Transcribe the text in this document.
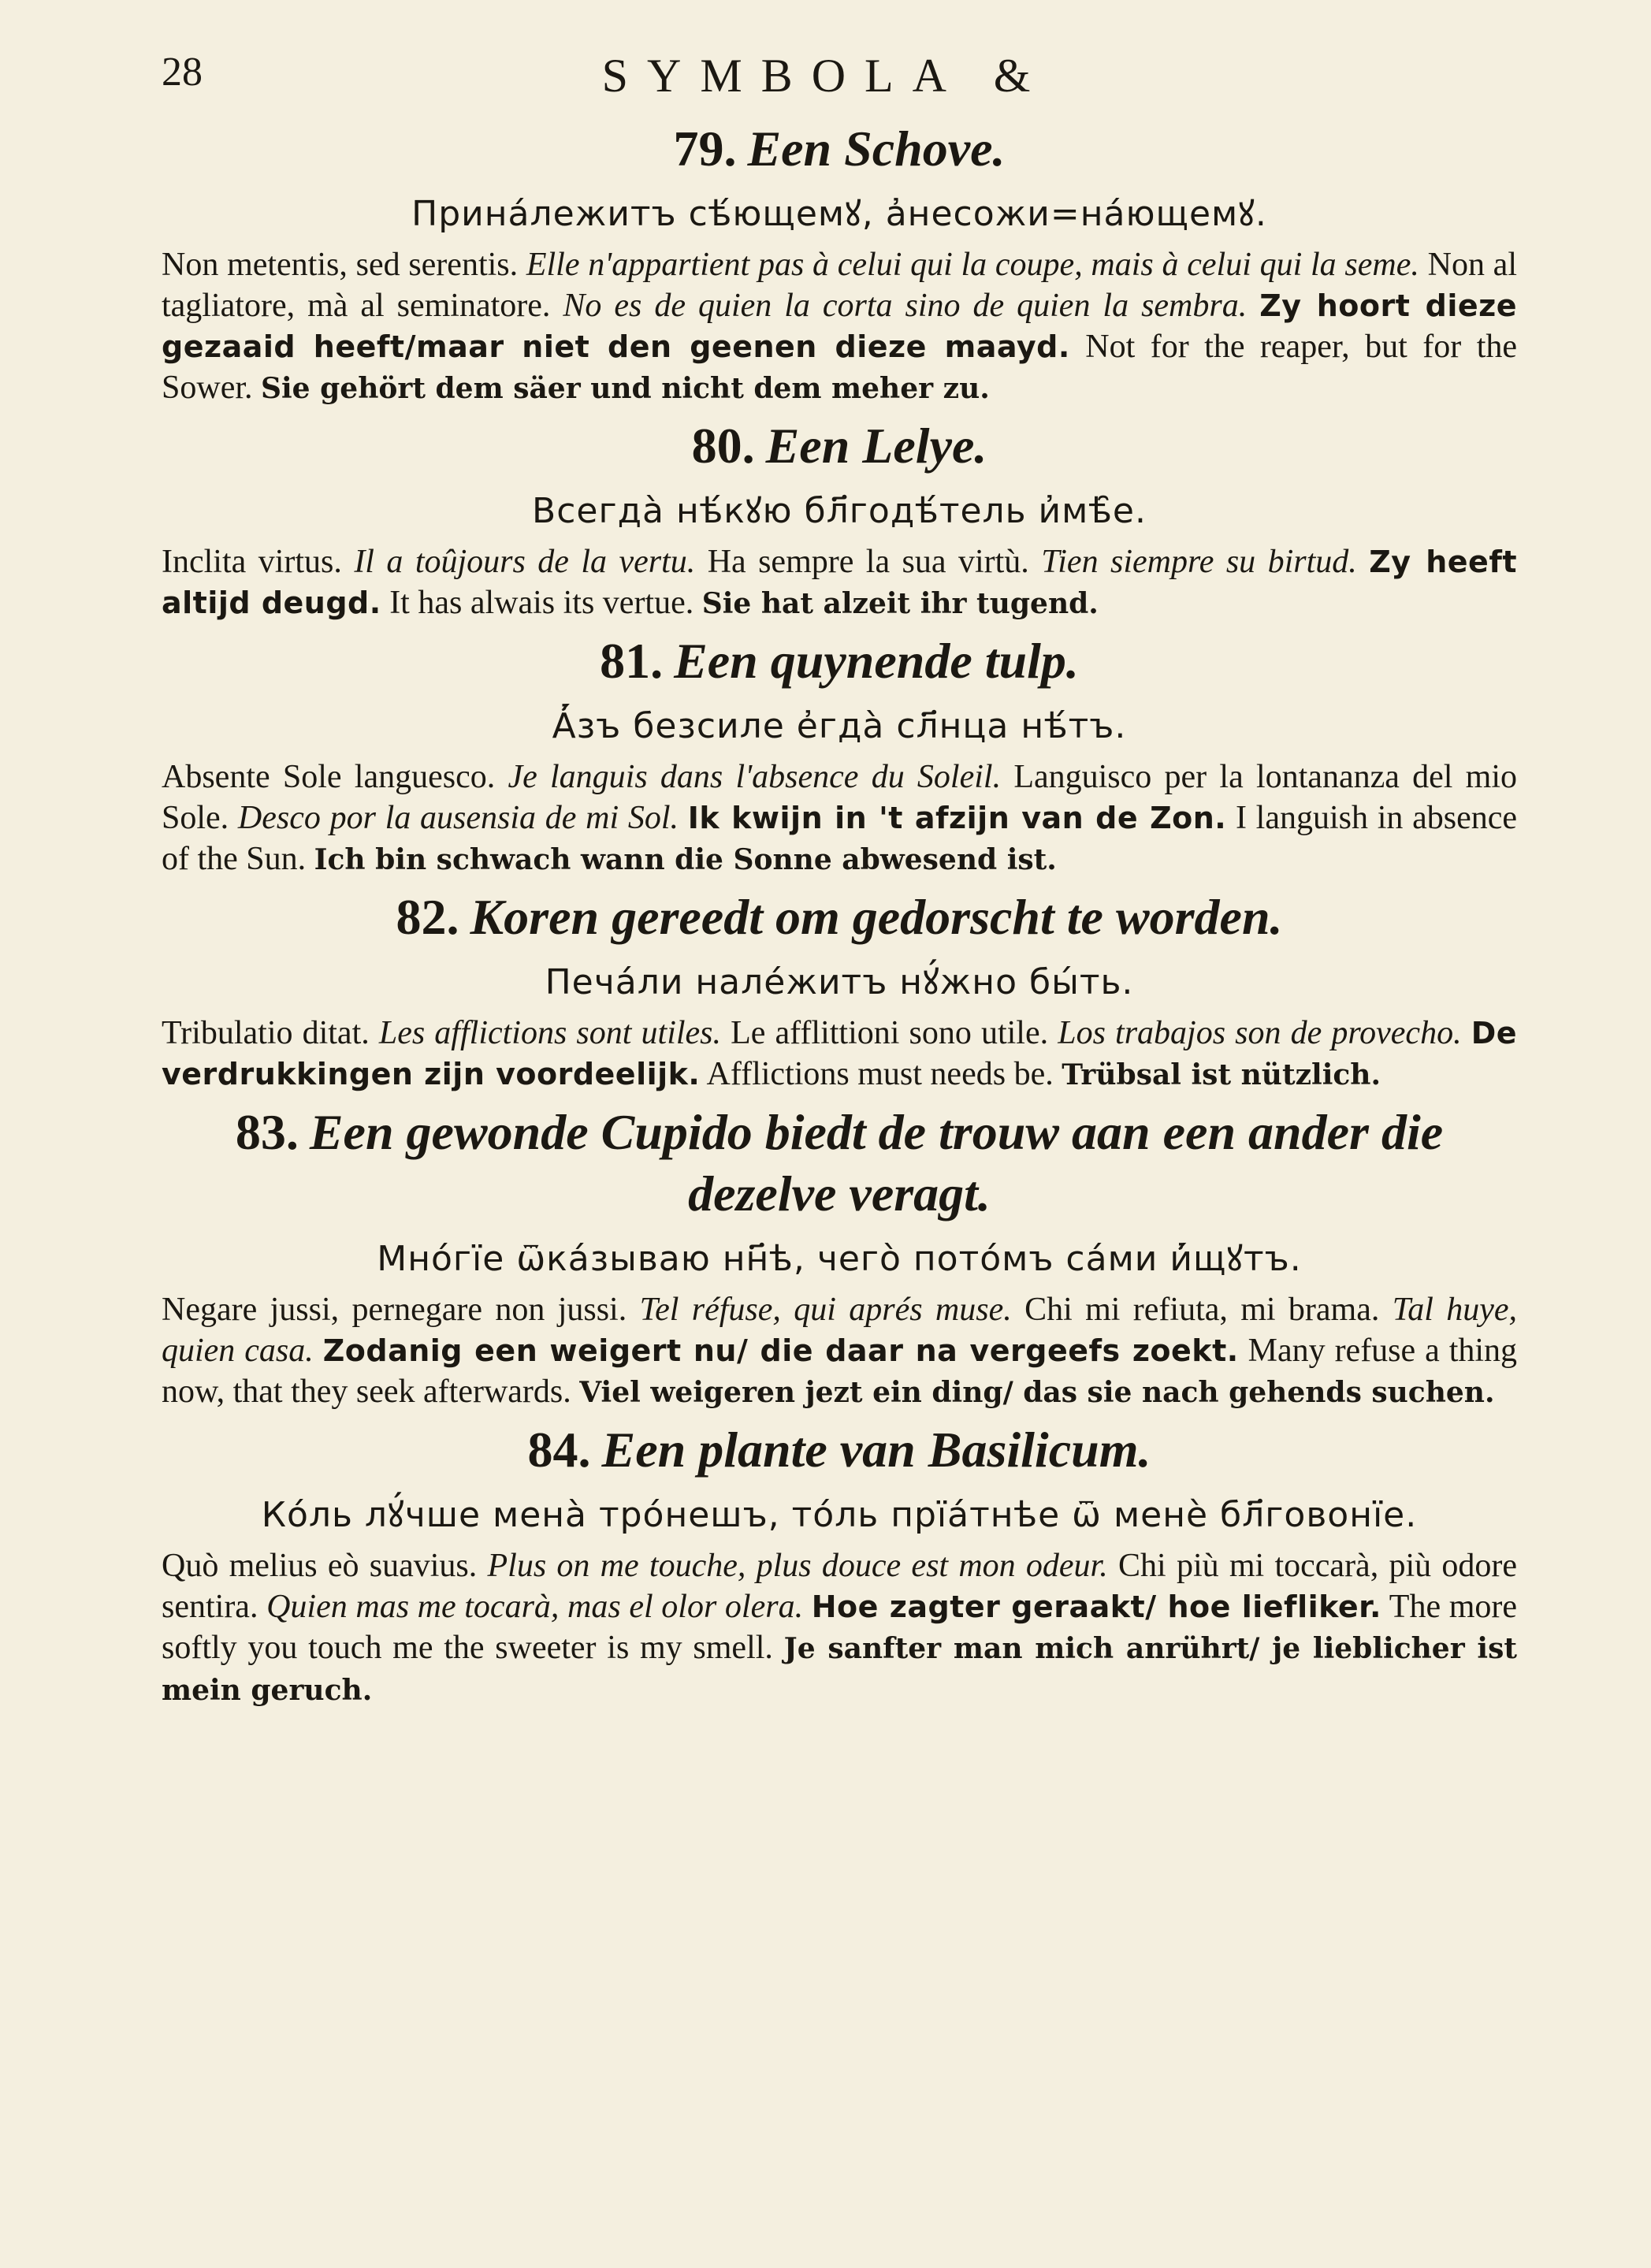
28	SYMBOLA &
79. Een Schove.

Прина́лежитъ сѣ́ющемꙋ, а҆несожи=на́ющемꙋ.

Non metentis, sed serentis. Elle n'appartient pas à celui qui la coupe, mais à celui qui la seme. Non al tagliatore, mà al seminatore. No es de quien la corta sino de quien la sembra. Zy hoort dieze gezaaid heeft/maar niet den geenen dieze maayd. Not for the reaper, but for the Sower. Sie gehört dem säer und nicht dem meher zu.

80. Een Lelye.

Всегда̀ нѣ́кꙋю бл҃годѣ́тель и҆мѣ̑е.

Inclita virtus. Il a toûjours de la vertu. Ha sempre la sua virtù. Tien siempre su birtud. Zy heeft altijd deugd. It has alwais its vertue. Sie hat alzeit ihr tugend.

81. Een quynende tulp.

А҆́зъ безсиле е҆гда̀ сл҃нца нѣ́тъ.

Absente Sole languesco. Je languis dans l'absence du Soleil. Languisco per la lontananza del mio Sole. Desco por la ausensia de mi Sol. Ik kwijn in 't afzijn van de Zon. I languish in absence of the Sun. Ich bin schwach wann die Sonne abwesend ist.

82. Koren gereedt om gedorscht te worden.

Печа́ли нале́житъ нꙋ́жно бы́ть.

Tribulatio ditat. Les afflictions sont utiles. Le afflittioni sono utile. Los trabajos son de provecho. De verdrukkingen zijn voordeelijk. Afflictions must needs be. Trübsal ist nützlich.

83. Een gewonde Cupido biedt de trouw aan een ander die dezelve veragt.

Мно́гїе ѿка́зываю нн҃ѣ, чего̀ пото́мъ са́ми и҆́щꙋтъ.

Negare jussi, pernegare non jussi. Tel réfuse, qui aprés muse. Chi mi refiuta, mi brama. Tal huye, quien casa. Zodanig een weigert nu/ die daar na vergeefs zoekt. Many refuse a thing now, that they seek afterwards. Viel weigeren jezt ein ding/ das sie nach gehends suchen.

84. Een plante van Basilicum.

Ко́ль лꙋ́чше мена̀ тро́нешъ, то́ль прїа́тнѣе ѿ менѐ бл҃говонїе.

Quò melius eò suavius. Plus on me touche, plus douce est mon odeur. Chi più mi toccarà, più odore sentira. Quien mas me tocarà, mas el olor olera. Hoe zagter geraakt/ hoe liefliker. The more softly you touch me the sweeter is my smell. Je sanfter man mich anrührt/ je lieblicher ist mein geruch.
